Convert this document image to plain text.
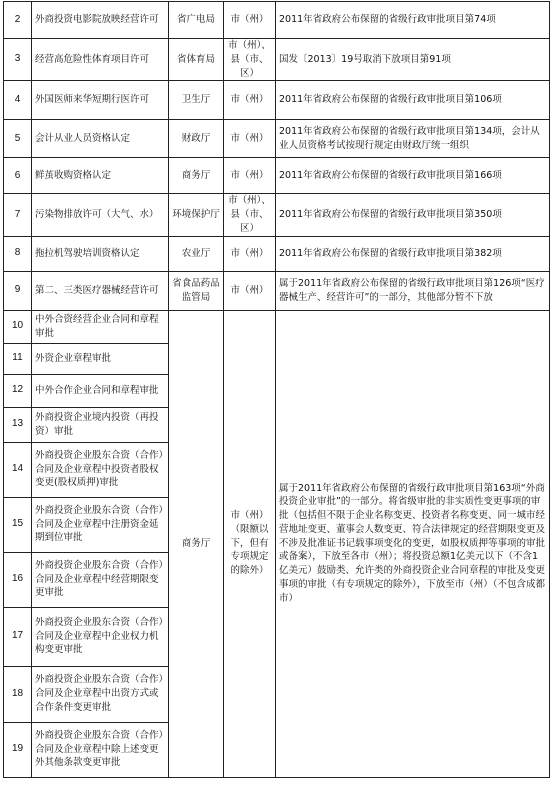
2	外商投资电影院放映经营许可	省广电局	市（州）	2011年省政府公布保留的省级行政审批项目第74项
3	经营高危险性体育项目许可	省体育局	市（州）、县（市、区）	国发〔2013〕19号取消下放项目第91项
4	外国医师来华短期行医许可	卫生厅	市（州）	2011年省政府公布保留的省级行政审批项目第106项
5	会计从业人员资格认定	财政厅	市（州）	2011年省政府公布保留的省级行政审批项目第134项，会计从业人员资格考试按现行规定由财政厅统一组织
6	鲜茧收购资格认定	商务厅	市（州）	2011年省政府公布保留的省级行政审批项目第166项
7	污染物排放许可（大气、水）	环境保护厅	市（州）、县（市、区）	2011年省政府公布保留的省级行政审批项目第350项
8	拖拉机驾驶培训资格认定	农业厅	市（州）	2011年省政府公布保留的省级行政审批项目第382项
9	第二、三类医疗器械经营许可	省食品药品监管局	市（州）	属于2011年省政府公布保留的省级行政审批项目第126项“医疗器械生产、经营许可”的一部分，其他部分暂不下放
10	中外合资经营企业合同和章程审批	商务厅	市（州）（限额以下，但有专项规定的除外）	属于2011年省政府公布保留的省级行政审批项目第163项“外商投资企业审批”的一部分。将省级审批的非实质性变更事项的审批（包括但不限于企业名称变更、投资者名称变更、同一城市经营地址变更、董事会人数变更、符合法律规定的经营期限变更及不涉及批准证书记载事项变化的变更，如股权质押等事项的审批或备案），下放至各市（州）；将投资总额1亿美元以下（不含1亿美元）鼓励类、允许类的外商投资企业合同章程的审批及变更事项的审批（有专项规定的除外），下放至市（州）（不包含成都市）
11	外资企业章程审批			
12	中外合作企业合同和章程审批			
13	外商投资企业境内投资（再投资）审批			
14	外商投资企业股东合资（合作）合同及企业章程中投资者股权变更(股权质押)审批			
15	外商投资企业股东合资（合作）合同及企业章程中注册资金延期到位审批			
16	外商投资企业股东合资（合作）合同及企业章程中经营期限变更审批			
17	外商投资企业股东合资（合作）合同及企业章程中企业权力机构变更审批			
18	外商投资企业股东合资（合作）合同及企业章程中出资方式或合作条件变更审批			
19	外商投资企业股东合资（合作）合同及企业章程中除上述变更外其他条款变更审批			
